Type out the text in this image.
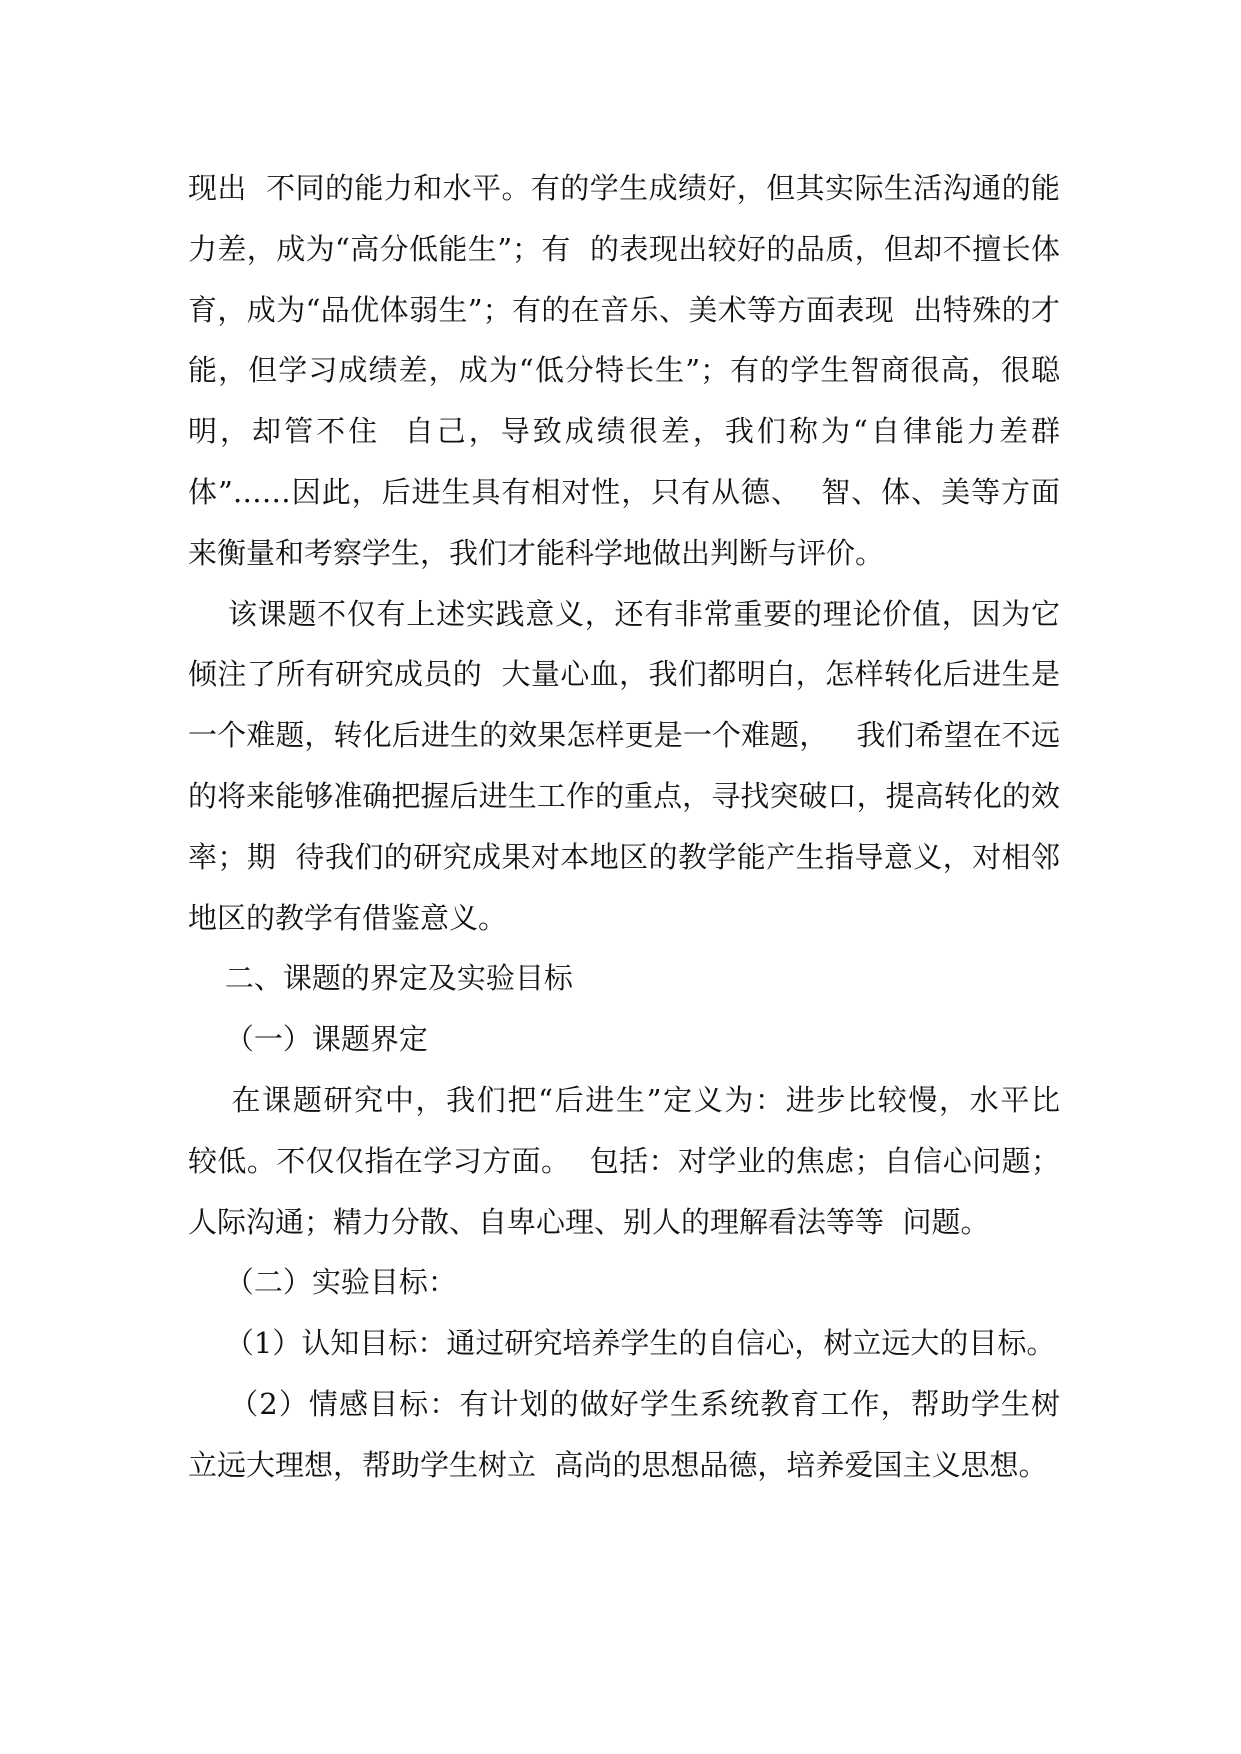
现出  不同的能力和水平。有的学生成绩好，但其实际生活沟通的能
力差，成为“高分低能生”；有  的表现出较好的品质，但却不擅长体
育，成为“品优体弱生”；有的在音乐、美术等方面表现  出特殊的才
能，但学习成绩差，成为“低分特长生”；有的学生智商很高，很聪
明，却管不住  自己，导致成绩很差，我们称为“自律能力差群
体”……因此，后进生具有相对性，只有从德、  智、体、美等方面
来衡量和考察学生，我们才能科学地做出判断与评价。
该课题不仅有上述实践意义，还有非常重要的理论价值，因为它
倾注了所有研究成员的  大量心血，我们都明白，怎样转化后进生是
一个难题，转化后进生的效果怎样更是一个难题，   我们希望在不远
的将来能够准确把握后进生工作的重点，寻找突破口，提高转化的效
率；期  待我们的研究成果对本地区的教学能产生指导意义，对相邻
地区的教学有借鉴意义。
二、课题的界定及实验目标
（一）课题界定
在课题研究中，我们把“后进生”定义为：进步比较慢，水平比
较低。不仅仅指在学习方面。  包括：对学业的焦虑；自信心问题；
人际沟通；精力分散、自卑心理、别人的理解看法等等  问题。
（二）实验目标：
（1）认知目标：通过研究培养学生的自信心，树立远大的目标。
（2）情感目标：有计划的做好学生系统教育工作，帮助学生树
立远大理想，帮助学生树立  高尚的思想品德，培养爱国主义思想。
